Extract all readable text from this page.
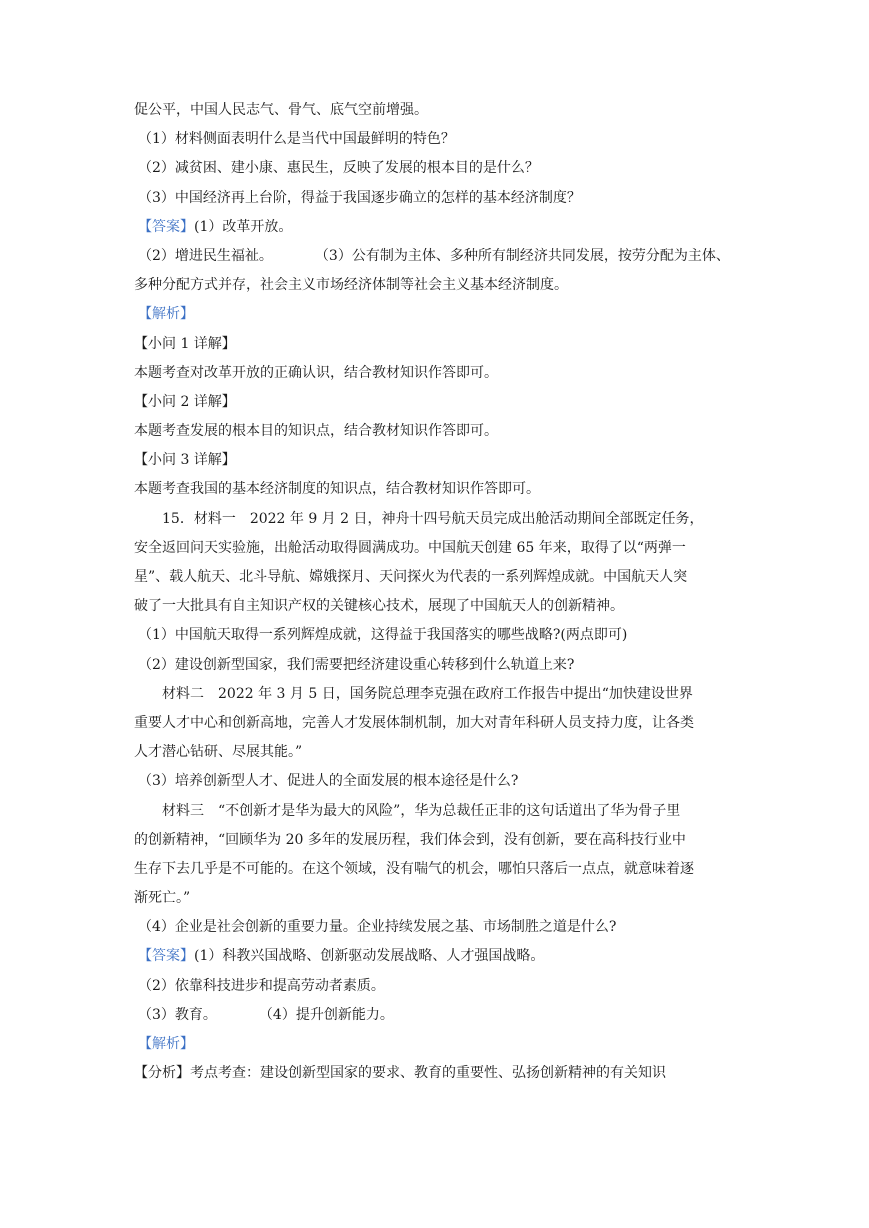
促公平，中国人民志气、骨气、底气空前增强。
（1）材料侧面表明什么是当代中国最鲜明的特色？
（2）减贫困、建小康、惠民生，反映了发展的根本目的是什么？
（3）中国经济再上台阶，得益于我国逐步确立的怎样的基本经济制度？
【答案】(1）改革开放。
（2）增进民生福祉。	（3）公有制为主体、多种所有制经济共同发展，按劳分配为主体、
多种分配方式并存，社会主义市场经济体制等社会主义基本经济制度。
【解析】
【小问 1 详解】
本题考查对改革开放的正确认识，结合教材知识作答即可。
【小问 2 详解】
本题考查发展的根本目的知识点，结合教材知识作答即可。
【小问 3 详解】
本题考查我国的基本经济制度的知识点，结合教材知识作答即可。
15．材料一　2022 年 9 月 2 日，神舟十四号航天员完成出舱活动期间全部既定任务，
安全返回问天实验施，出舱活动取得圆满成功。中国航天创建 65 年来，取得了以“两弹一
星”、载人航天、北斗导航、嫦娥探月、天问探火为代表的一系列辉煌成就。中国航天人突
破了一大批具有自主知识产权的关键核心技术，展现了中国航天人的创新精神。
（1）中国航天取得一系列辉煌成就，这得益于我国落实的哪些战略?(两点即可)
（2）建设创新型国家，我们需要把经济建设重心转移到什么轨道上来?
材料二　2022 年 3 月 5 日，国务院总理李克强在政府工作报告中提出“加快建设世界
重要人才中心和创新高地，完善人才发展体制机制，加大对青年科研人员支持力度，让各类
人才潜心钻研、尽展其能。”
（3）培养创新型人才、促进人的全面发展的根本途径是什么?
材料三　“不创新才是华为最大的风险”，华为总裁任正非的这句话道出了华为骨子里
的创新精神，“回顾华为 20 多年的发展历程，我们体会到，没有创新，要在高科技行业中
生存下去几乎是不可能的。在这个领域，没有喘气的机会，哪怕只落后一点点，就意味着逐
渐死亡。”
（4）企业是社会创新的重要力量。企业持续发展之基、市场制胜之道是什么?
【答案】(1）科教兴国战略、创新驱动发展战略、人才强国战略。
（2）依靠科技进步和提高劳动者素质。
（3）教育。	（4）提升创新能力。
【解析】
【分析】考点考查：建设创新型国家的要求、教育的重要性、弘扬创新精神的有关知识
